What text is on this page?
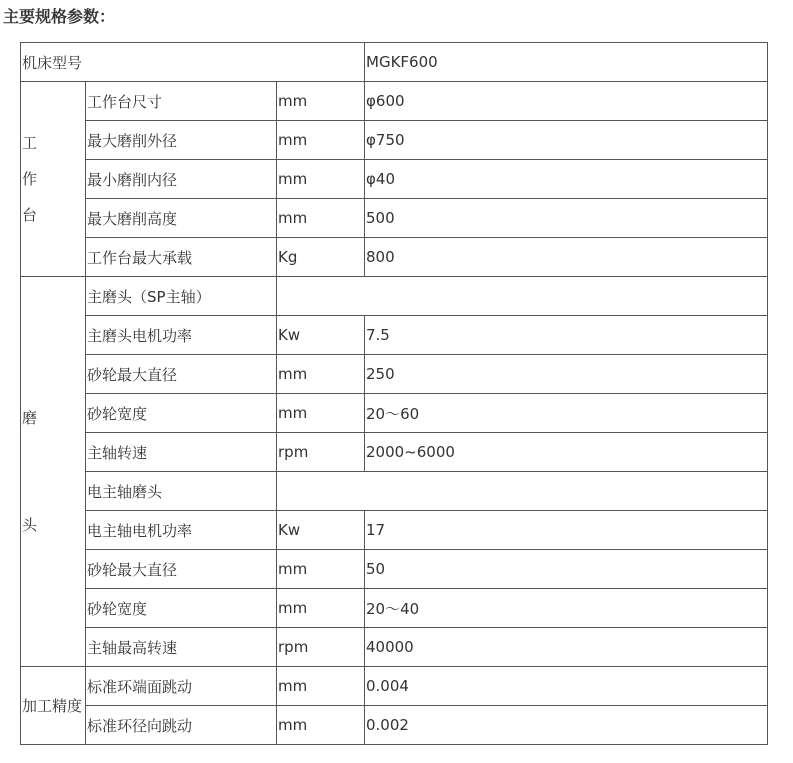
主要规格参数：

机床型号			MGKF600
工
作
台	工作台尺寸	mm	φ600
	最大磨削外径	mm	φ750
	最小磨削内径	mm	φ40
	最大磨削高度	mm	500
	工作台最大承载	Kg	800

磨
头	主磨头（SP主轴）		
	主磨头电机功率	Kw	7.5
	砂轮最大直径	mm	250
	砂轮宽度	mm	20～60
	主轴转速	rpm	2000~6000
	电主轴磨头		
	电主轴电机功率	Kw	17
	砂轮最大直径	mm	50
	砂轮宽度	mm	20～40
	主轴最高转速	rpm	40000
加工精度	标准环端面跳动	mm	0.004
	标准环径向跳动	mm	0.002
